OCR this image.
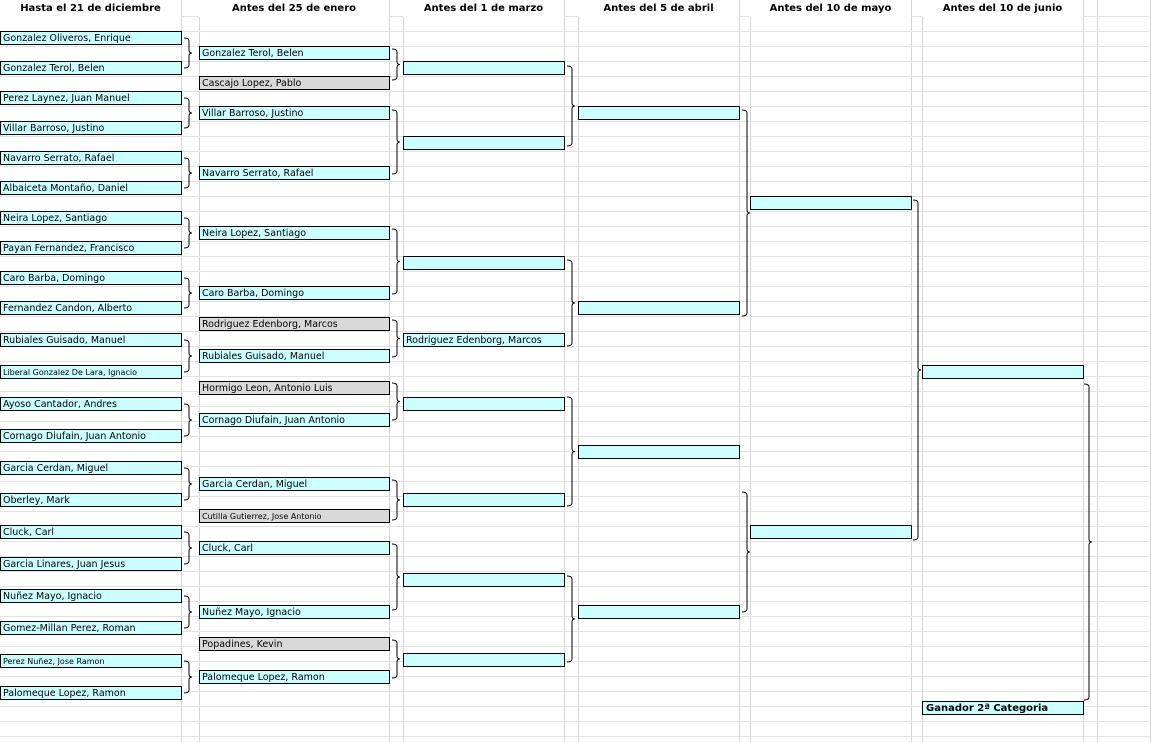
Hasta el 21 de diciembre	Antes del 25 de enero	Antes del 1 de marzo	Antes del 5 de abril	Antes del 10 de mayo	Antes del 10 de junio
Gonzalez Oliveros, Enrique
Gonzalez Terol, Belen
Perez Laynez, Juan Manuel
Villar Barroso, Justino
Navarro Serrato, Rafael
Albaiceta Montaño, Daniel
Neira Lopez, Santiago
Payan Fernandez, Francisco
Caro Barba, Domingo
Fernandez Candon, Alberto
Rubiales Guisado, Manuel
Liberal Gonzalez De Lara, Ignacio
Ayoso Cantador, Andres
Cornago Diufain, Juan Antonio
Garcia Cerdan, Miguel
Oberley, Mark
Cluck, Carl
Garcia Linares, Juan Jesus
Nuñez Mayo, Ignacio
Gomez-Millan Perez, Roman
Perez Nuñez, Jose Ramon
Palomeque Lopez, Ramon
Gonzalez Terol, Belen
Cascajo Lopez, Pablo
Villar Barroso, Justino
Navarro Serrato, Rafael
Neira Lopez, Santiago
Caro Barba, Domingo
Rodriguez Edenborg, Marcos
Rubiales Guisado, Manuel
Hormigo Leon, Antonio Luis
Cornago Diufain, Juan Antonio
Garcia Cerdan, Miguel
Cutilla Gutierrez, Jose Antonio
Cluck, Carl
Nuñez Mayo, Ignacio
Popadines, Kevin
Palomeque Lopez, Ramon
Rodriguez Edenborg, Marcos
Ganador 2ª Categoria
